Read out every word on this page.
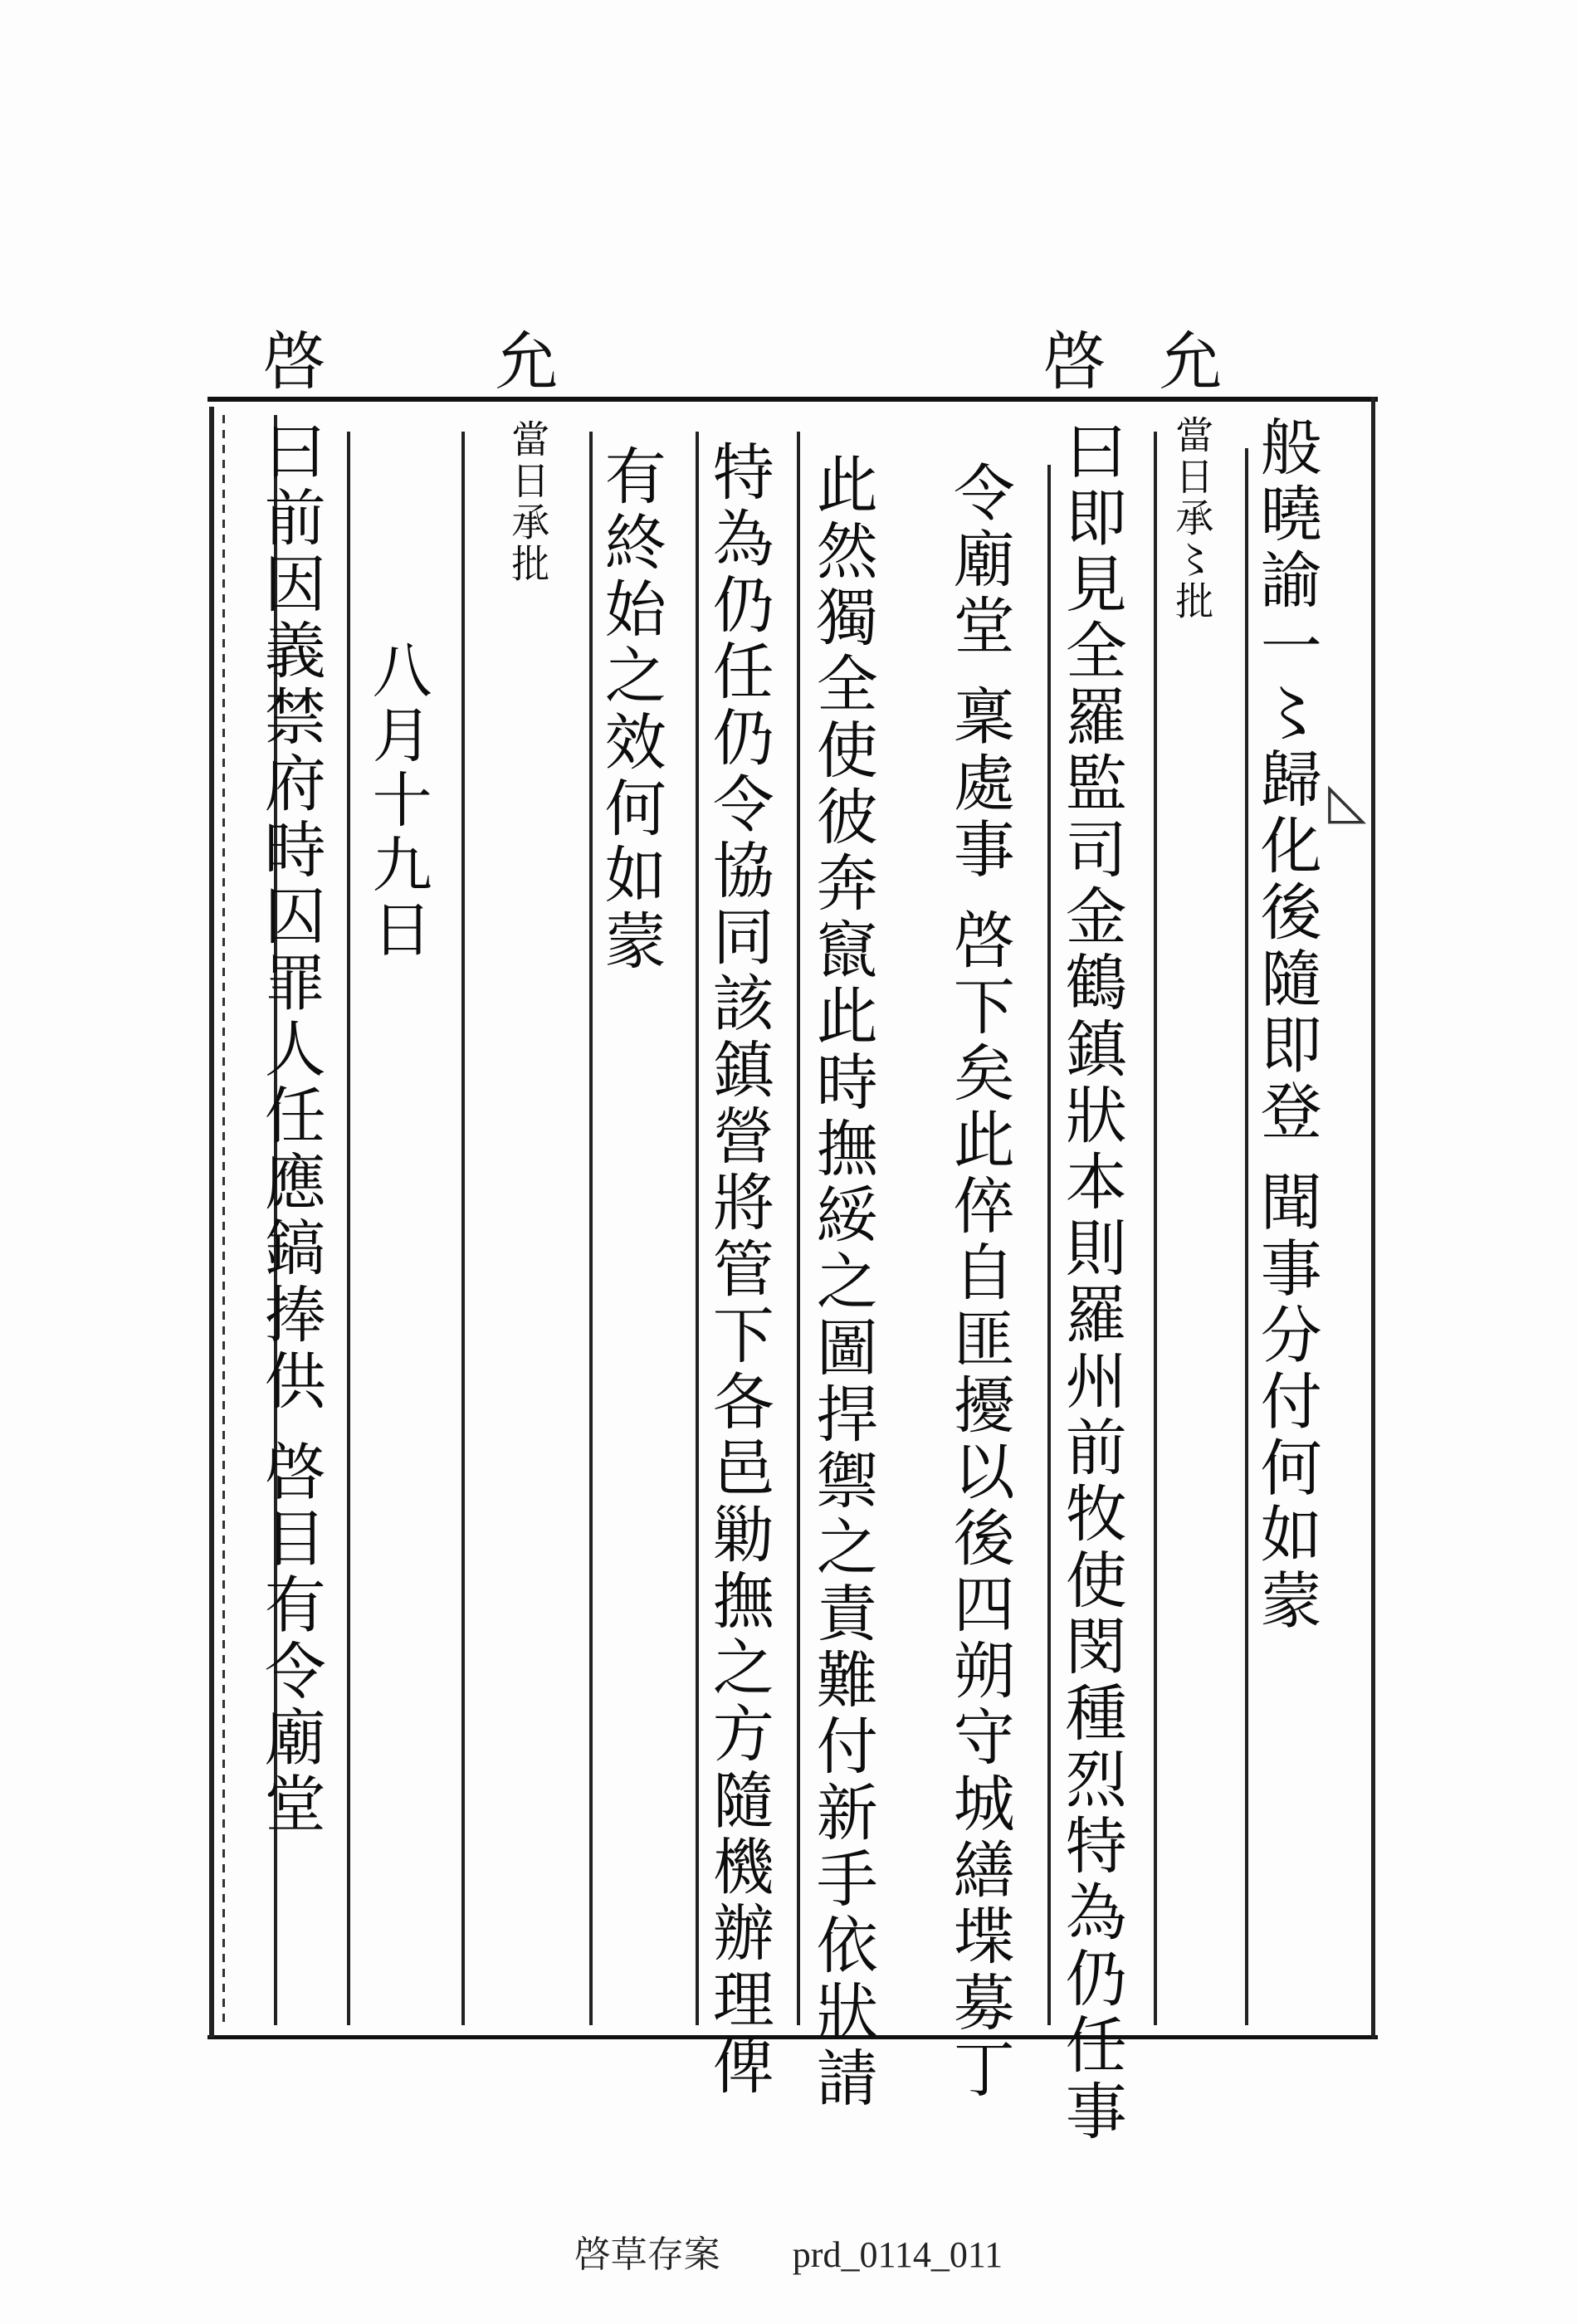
允
啓
允
啓
般曉諭一〻歸化後隨即登 聞事分付何如蒙
當日承〻批
曰即見全羅監司金鶴鎮狀本則羅州前牧使閔種烈特為仍任事
令廟堂 稟處事 啓下矣此倅自匪擾以後四朔守城繕堞募丁
此然獨全使彼奔竄此時撫綏之圖捍禦之責難付新手依狀請
特為仍任仍令協同該鎮營將管下各邑勦撫之方隨機辦理俾
有終始之效何如蒙
當日承批
八月十九日
曰前因義禁府時囚罪人任應鎬捧供 啓目有令廟堂	◺
啓草存案 prd_0114_011
